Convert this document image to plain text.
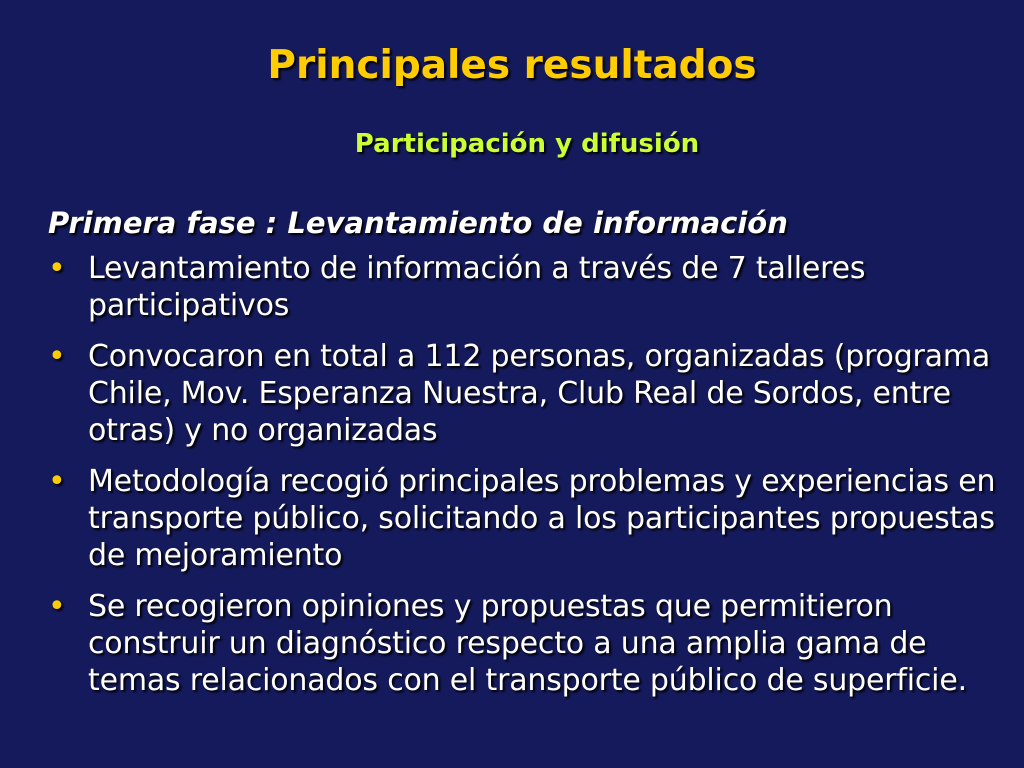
Principales resultados
Participación y difusión
Primera fase : Levantamiento de información
• Levantamiento de información a través de 7 talleres participativos
• Convocaron en total a 112 personas, organizadas (programa Chile, Mov. Esperanza Nuestra, Club Real de Sordos, entre otras) y no organizadas
• Metodología recogió principales problemas y experiencias en transporte público, solicitando a los participantes propuestas de mejoramiento
• Se recogieron opiniones y propuestas que permitieron construir un diagnóstico respecto a una amplia gama de temas relacionados con el transporte público de superficie.
